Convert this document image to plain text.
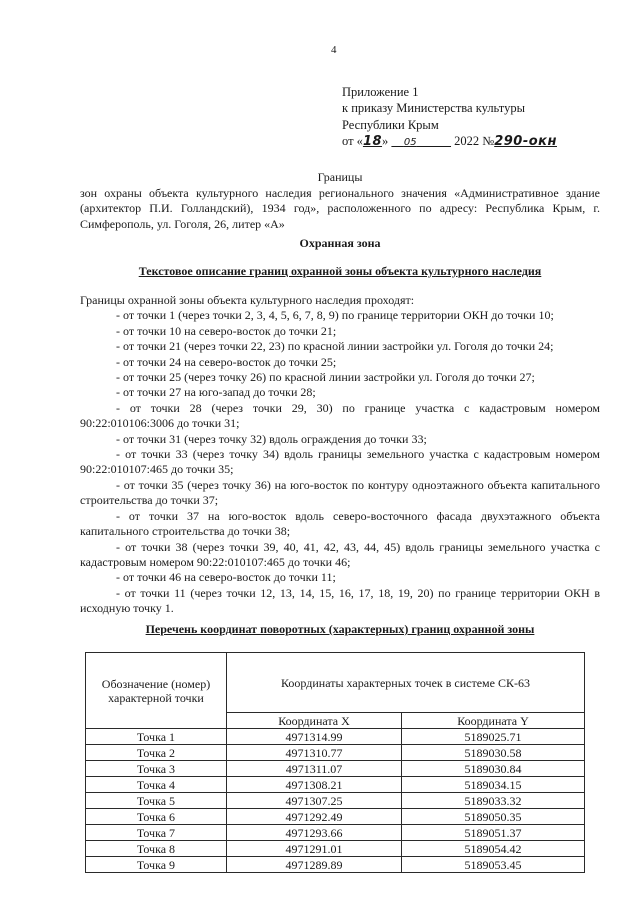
4
Приложение 1
к приказу Министерства культуры
Республики Крым
от «18» 05	2022 №290-окн
Границы
зон охраны объекта культурного наследия регионального значения «Административное здание (архитектор П.И. Голландский), 1934 год», расположенного по адресу: Республика Крым, г. Симферополь, ул. Гоголя, 26, литер «А»
Охранная зона
Текстовое описание границ охранной зоны объекта культурного наследия

Границы охранной зоны объекта культурного наследия проходят:

- от точки 1 (через точки 2, 3, 4, 5, 6, 7, 8, 9) по границе территории ОКН до точки 10;

- от точки 10 на северо-восток до точки 21;

- от точки 21 (через точки 22, 23) по красной линии застройки ул. Гоголя до точки 24;

- от точки 24 на северо-восток до точки 25;

- от точки 25 (через точку 26) по красной линии застройки ул. Гоголя до точки 27;

- от точки 27 на юго-запад до точки 28;

- от точки 28 (через точки 29, 30) по границе участка с кадастровым номером 90:22:010106:3006 до точки 31;

- от точки 31 (через точку 32) вдоль ограждения до точки 33;

- от точки 33 (через точку 34) вдоль границы земельного участка с кадастровым номером 90:22:010107:465 до точки 35;

- от точки 35 (через точку 36) на юго-восток по контуру одноэтажного объекта капитального строительства до точки 37;

- от точки 37 на юго-восток вдоль северо-восточного фасада двухэтажного объекта капитального строительства до точки 38;

- от точки 38 (через точки 39, 40, 41, 42, 43, 44, 45) вдоль границы земельного участка с кадастровым номером 90:22:010107:465 до точки 46;

- от точки 46 на северо-восток до точки 11;

- от точки 11 (через точки 12, 13, 14, 15, 16, 17, 18, 19, 20) по границе территории ОКН в исходную точку 1.

Перечень координат поворотных (характерных) границ охранной зоны
Обозначение (номер) характерной точки	Координаты характерных точек в системе СК-63	
	Координата X	Координата Y
Точка 1	4971314.99	5189025.71
Точка 2	4971310.77	5189030.58
Точка 3	4971311.07	5189030.84
Точка 4	4971308.21	5189034.15
Точка 5	4971307.25	5189033.32
Точка 6	4971292.49	5189050.35
Точка 7	4971293.66	5189051.37
Точка 8	4971291.01	5189054.42
Точка 9	4971289.89	5189053.45
